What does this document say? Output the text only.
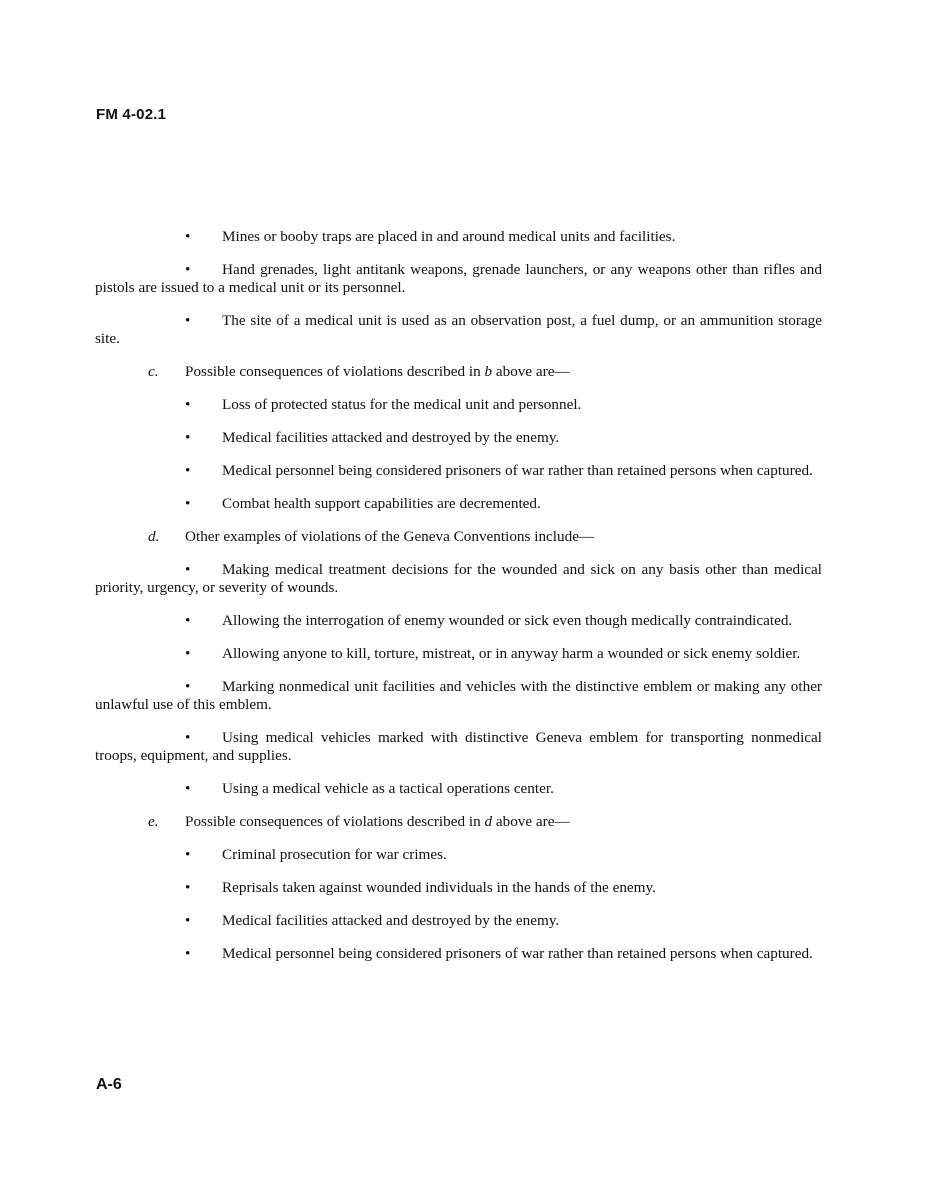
FM 4-02.1
• Mines or booby traps are placed in and around medical units and facilities.
• Hand grenades, light antitank weapons, grenade launchers, or any weapons other than rifles and pistols are issued to a medical unit or its personnel.
• The site of a medical unit is used as an observation post, a fuel dump, or an ammunition storage site.
c. Possible consequences of violations described in b above are—
• Loss of protected status for the medical unit and personnel.
• Medical facilities attacked and destroyed by the enemy.
• Medical personnel being considered prisoners of war rather than retained persons when captured.
• Combat health support capabilities are decremented.
d. Other examples of violations of the Geneva Conventions include—
• Making medical treatment decisions for the wounded and sick on any basis other than medical priority, urgency, or severity of wounds.
• Allowing the interrogation of enemy wounded or sick even though medically contraindicated.
• Allowing anyone to kill, torture, mistreat, or in anyway harm a wounded or sick enemy soldier.
• Marking nonmedical unit facilities and vehicles with the distinctive emblem or making any other unlawful use of this emblem.
• Using medical vehicles marked with distinctive Geneva emblem for transporting nonmedical troops, equipment, and supplies.
• Using a medical vehicle as a tactical operations center.
e. Possible consequences of violations described in d above are—
• Criminal prosecution for war crimes.
• Reprisals taken against wounded individuals in the hands of the enemy.
• Medical facilities attacked and destroyed by the enemy.
• Medical personnel being considered prisoners of war rather than retained persons when captured.
A-6
